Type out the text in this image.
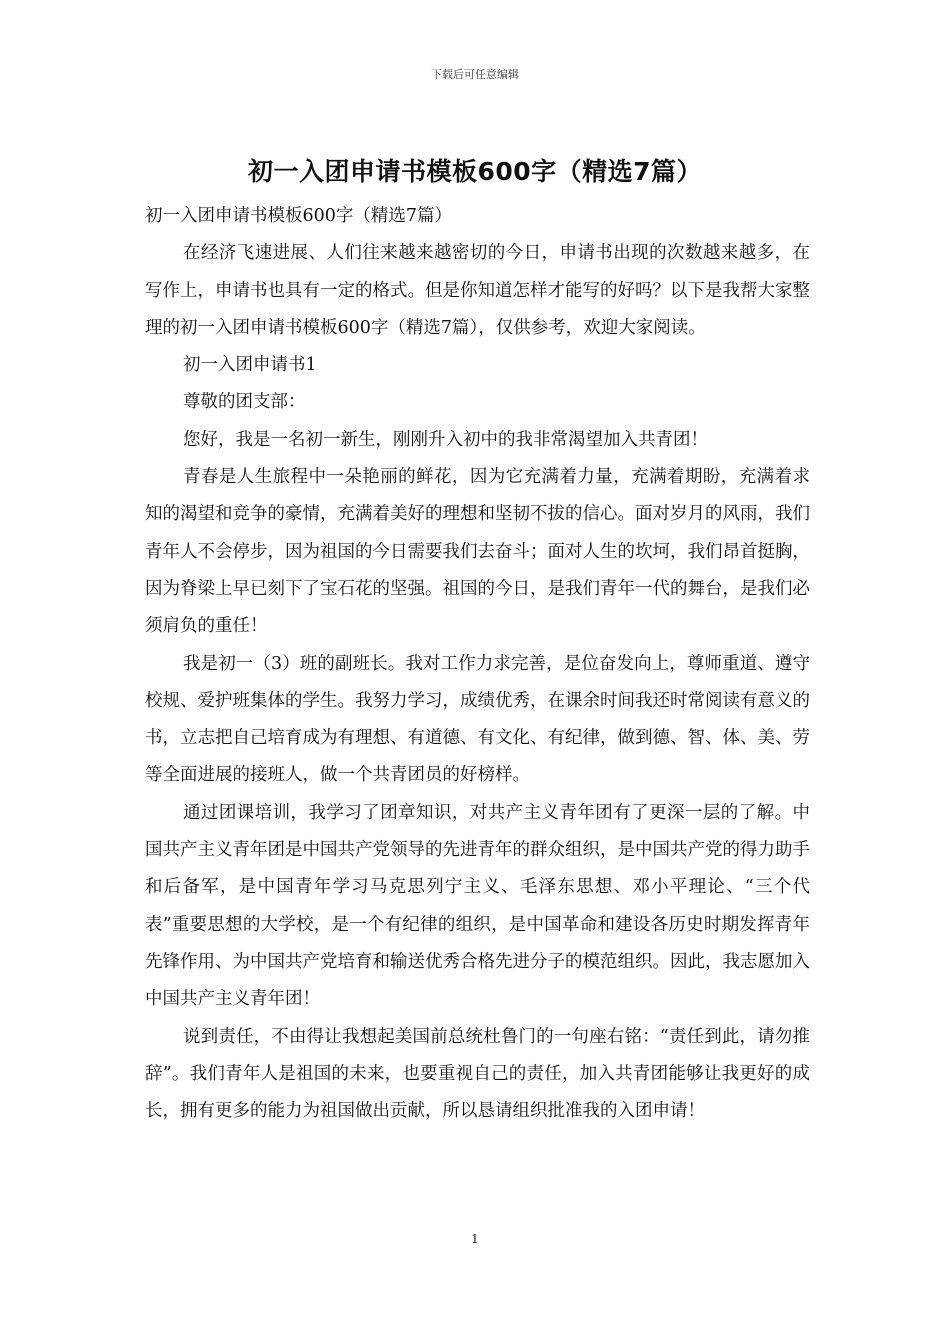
下载后可任意编辑
初一入团申请书模板600字（精选7篇）

初一入团申请书模板600字（精选7篇）

在经济飞速进展、人们往来越来越密切的今日，申请书出现的次数越来越多，在写作上，申请书也具有一定的格式。但是你知道怎样才能写的好吗？以下是我帮大家整理的初一入团申请书模板600字（精选7篇），仅供参考，欢迎大家阅读。

初一入团申请书1

尊敬的团支部：

您好，我是一名初一新生，刚刚升入初中的我非常渴望加入共青团！

青春是人生旅程中一朵艳丽的鲜花，因为它充满着力量，充满着期盼，充满着求知的渴望和竞争的豪情，充满着美好的理想和坚韧不拔的信心。面对岁月的风雨，我们青年人不会停步，因为祖国的今日需要我们去奋斗；面对人生的坎坷，我们昂首挺胸，因为脊梁上早已刻下了宝石花的坚强。祖国的今日，是我们青年一代的舞台，是我们必须肩负的重任！

我是初一（3）班的副班长。我对工作力求完善，是位奋发向上，尊师重道、遵守校规、爱护班集体的学生。我努力学习，成绩优秀，在课余时间我还时常阅读有意义的书，立志把自己培育成为有理想、有道德、有文化、有纪律，做到德、智、体、美、劳等全面进展的接班人，做一个共青团员的好榜样。

通过团课培训，我学习了团章知识，对共产主义青年团有了更深一层的了解。中国共产主义青年团是中国共产党领导的先进青年的群众组织，是中国共产党的得力助手和后备军，是中国青年学习马克思列宁主义、毛泽东思想、邓小平理论、“三个代表”重要思想的大学校，是一个有纪律的组织，是中国革命和建设各历史时期发挥青年先锋作用、为中国共产党培育和输送优秀合格先进分子的模范组织。因此，我志愿加入中国共产主义青年团！

说到责任，不由得让我想起美国前总统杜鲁门的一句座右铭：“责任到此，请勿推辞”。我们青年人是祖国的未来，也要重视自己的责任，加入共青团能够让我更好的成长，拥有更多的能力为祖国做出贡献，所以恳请组织批准我的入团申请！

1
